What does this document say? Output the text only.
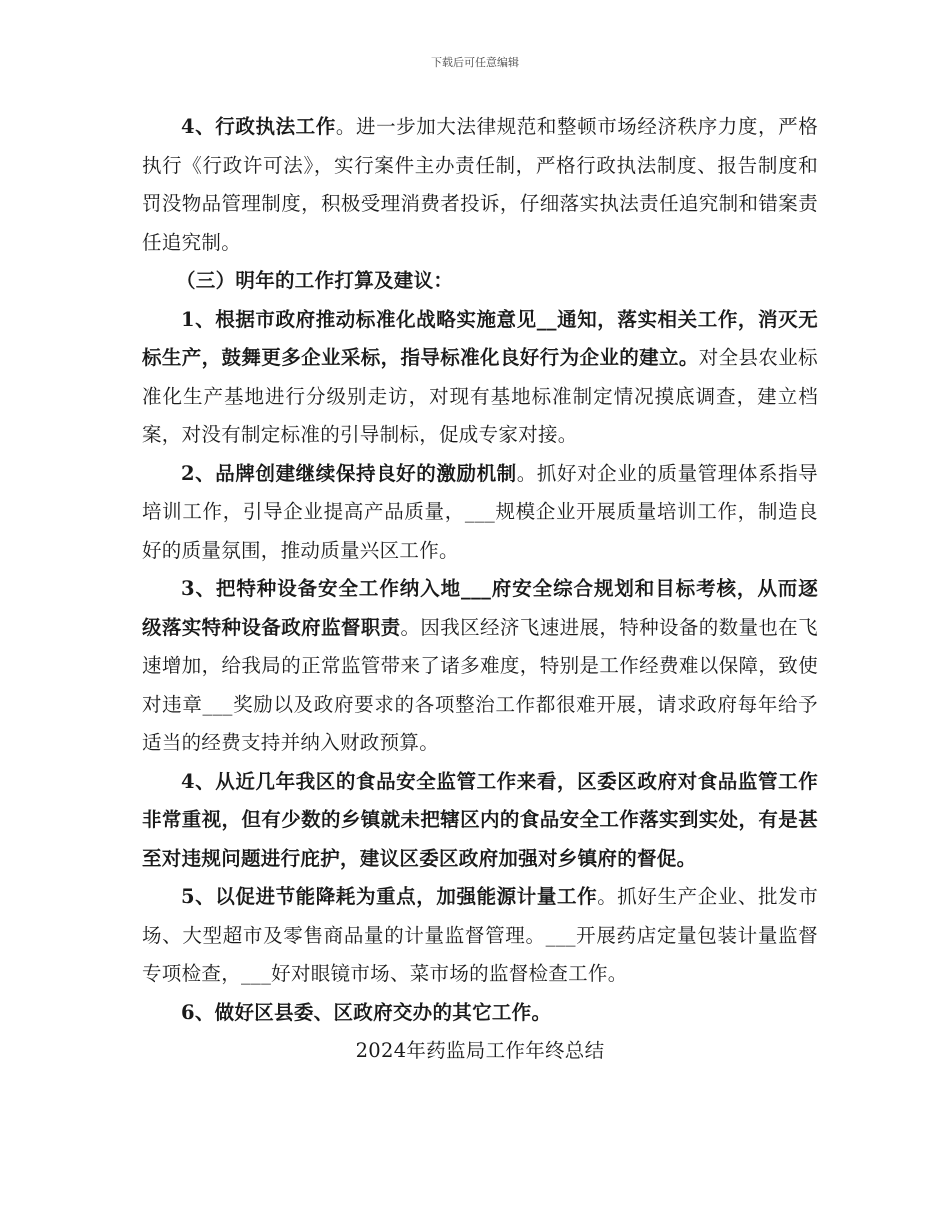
下载后可任意编辑

4、行政执法工作。进一步加大法律规范和整顿市场经济秩序力度，严格执行《行政许可法》，实行案件主办责任制，严格行政执法制度、报告制度和罚没物品管理制度，积极受理消费者投诉，仔细落实执法责任追究制和错案责任追究制。

（三）明年的工作打算及建议：

1、根据市政府推动标准化战略实施意见__通知，落实相关工作，消灭无标生产，鼓舞更多企业采标，指导标准化良好行为企业的建立。对全县农业标准化生产基地进行分级别走访，对现有基地标准制定情况摸底调查，建立档案，对没有制定标准的引导制标，促成专家对接。

2、品牌创建继续保持良好的激励机制。抓好对企业的质量管理体系指导培训工作，引导企业提高产品质量，___规模企业开展质量培训工作，制造良好的质量氛围，推动质量兴区工作。

3、把特种设备安全工作纳入地___府安全综合规划和目标考核，从而逐级落实特种设备政府监督职责。因我区经济飞速进展，特种设备的数量也在飞速增加，给我局的正常监管带来了诸多难度，特别是工作经费难以保障，致使对违章___奖励以及政府要求的各项整治工作都很难开展，请求政府每年给予适当的经费支持并纳入财政预算。

4、从近几年我区的食品安全监管工作来看，区委区政府对食品监管工作非常重视，但有少数的乡镇就未把辖区内的食品安全工作落实到实处，有是甚至对违规问题进行庇护，建议区委区政府加强对乡镇府的督促。

5、以促进节能降耗为重点，加强能源计量工作。抓好生产企业、批发市场、大型超市及零售商品量的计量监督管理。___开展药店定量包装计量监督专项检查，___好对眼镜市场、菜市场的监督检查工作。

6、做好区县委、区政府交办的其它工作。

2024年药监局工作年终总结
